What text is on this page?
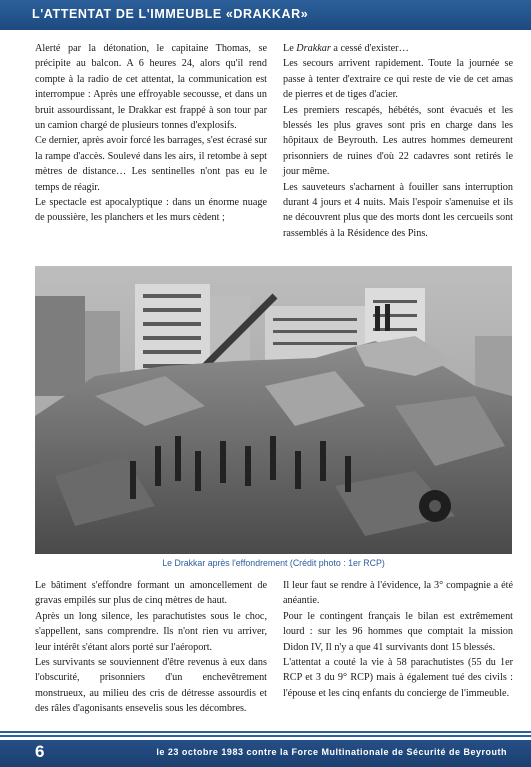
L'ATTENTAT DE L'IMMEUBLE «DRAKKAR»

Alerté par la détonation, le capitaine Thomas, se précipite au balcon. A 6 heures 24, alors qu'il rend compte à la radio de cet attentat, la communication est interrompue : Après une effroyable secousse, et dans un bruit assourdissant, le Drakkar est frappé à son tour par un camion chargé de plusieurs tonnes d'explosifs.

Ce dernier, après avoir forcé les barrages, s'est écrasé sur la rampe d'accès. Soulevé dans les airs, il retombe à sept mètres de distance… Les sentinelles n'ont pas eu le temps de réagir.

Le spectacle est apocalyptique : dans un énorme nuage de poussière, les planchers et les murs cèdent ;

Le Drakkar a cessé d'exister…

Les secours arrivent rapidement. Toute la journée se passe à tenter d'extraire ce qui reste de vie de cet amas de pierres et de tiges d'acier.

Les premiers rescapés, hébétés, sont évacués et les blessés les plus graves sont pris en charge dans les hôpitaux de Beyrouth. Les autres hommes demeurent prisonniers de ruines d'où 22 cadavres sont retirés le jour même.

Les sauveteurs s'acharnent à fouiller sans interruption durant 4 jours et 4 nuits. Mais l'espoir s'amenuise et ils ne découvrent plus que des morts dont les cercueils sont rassemblés à la Résidence des Pins.

Le Drakkar après l'effondrement (Crédit photo : 1er RCP)

Le bâtiment s'effondre formant un amoncellement de gravas empilés sur plus de cinq mètres de haut.

Après un long silence, les parachutistes sous le choc, s'appellent, sans comprendre. Ils n'ont rien vu arriver, leur intérêt s'étant alors porté sur l'aéroport.

Les survivants se souviennent d'être revenus à eux dans l'obscurité, prisonniers d'un enchevêtrement monstrueux, au milieu des cris de détresse assourdis et des râles d'agonisants ensevelis sous les décombres.

Il leur faut se rendre à l'évidence, la 3° compagnie a été anéantie.

Pour le contingent français le bilan est extrêmement lourd : sur les 96 hommes que comptait la mission Didon IV, Il n'y a que 41 survivants dont 15 blessés.

L'attentat a couté la vie à 58 parachutistes (55 du 1er RCP et 3 du 9° RCP) mais à également tué des civils : l'épouse et les cinq enfants du concierge de l'immeuble.

6	le 23 octobre 1983 contre la Force Multinationale de Sécurité de Beyrouth
